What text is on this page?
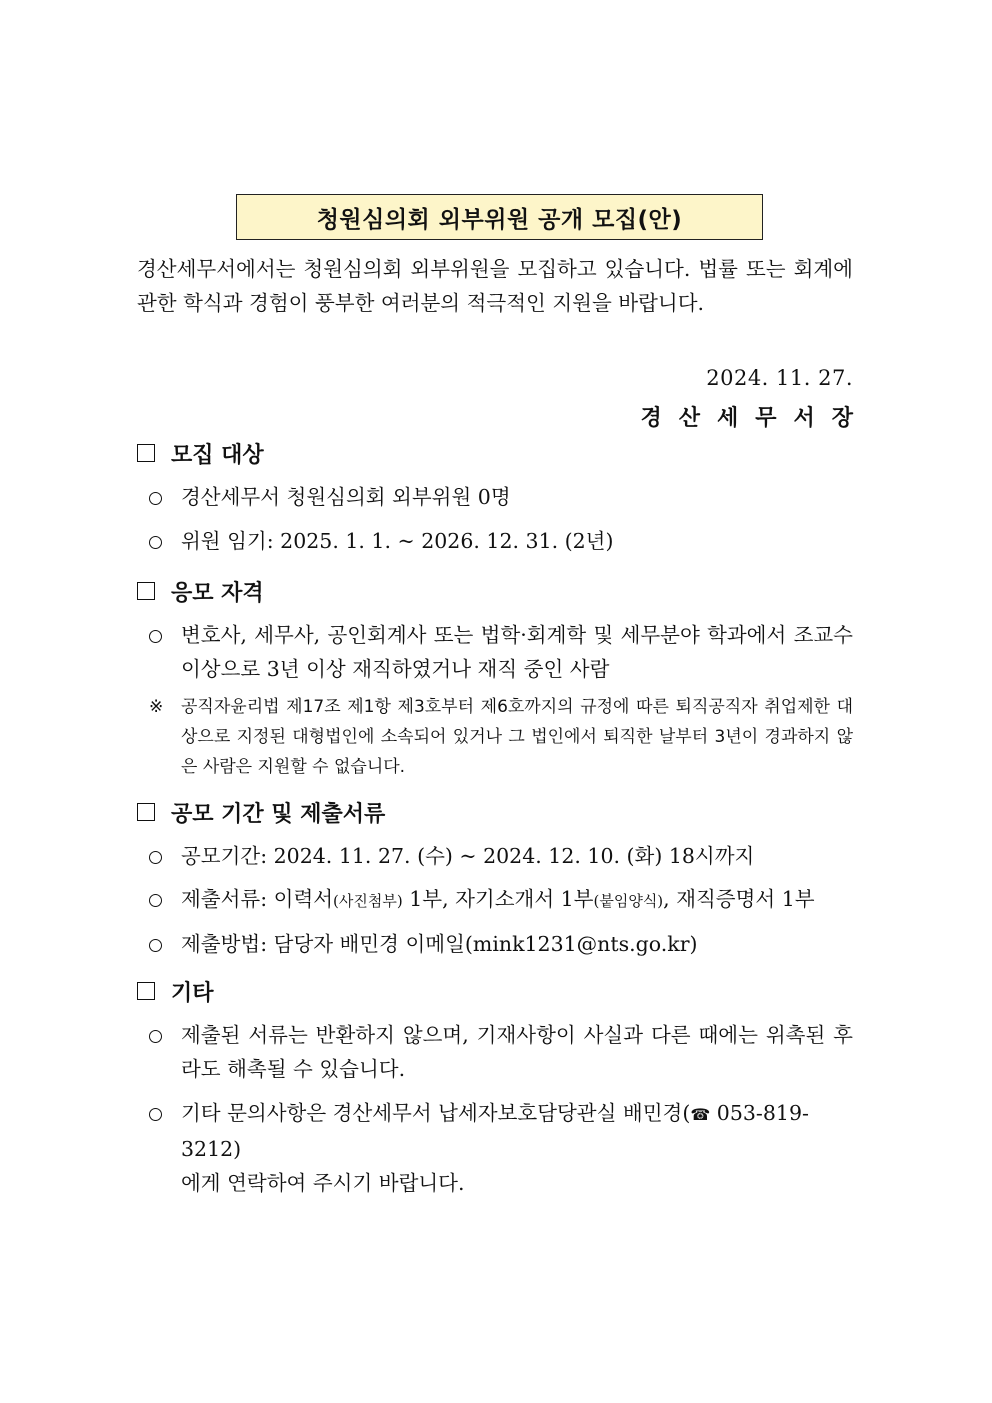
청원심의회 외부위원 공개 모집(안)
경산세무서에서는 청원심의회 외부위원을 모집하고 있습니다. 법률 또는 회계에 관한 학식과 경험이 풍부한 여러분의 적극적인 지원을 바랍니다.
2024. 11. 27.
경산세무서장
모집 대상
경산세무서 청원심의회 외부위원 0명
위원 임기: 2025. 1. 1. ~ 2026. 12. 31. (2년)
응모 자격
변호사, 세무사, 공인회계사 또는 법학·회계학 및 세무분야 학과에서 조교수 이상으로 3년 이상 재직하였거나 재직 중인 사람
※ 공직자윤리법 제17조 제1항 제3호부터 제6호까지의 규정에 따른 퇴직공직자 취업제한 대상으로 지정된 대형법인에 소속되어 있거나 그 법인에서 퇴직한 날부터 3년이 경과하지 않은 사람은 지원할 수 없습니다.
공모 기간 및 제출서류
공모기간: 2024. 11. 27. (수) ~ 2024. 12. 10. (화) 18시까지
제출서류: 이력서(사진첨부) 1부, 자기소개서 1부(붙임양식), 재직증명서 1부
제출방법: 담당자 배민경 이메일(mink1231@nts.go.kr)
기타
제출된 서류는 반환하지 않으며, 기재사항이 사실과 다른 때에는 위촉된 후라도 해촉될 수 있습니다.
기타 문의사항은 경산세무서 납세자보호담당관실 배민경(☎ 053-819-3212)
에게 연락하여 주시기 바랍니다.
